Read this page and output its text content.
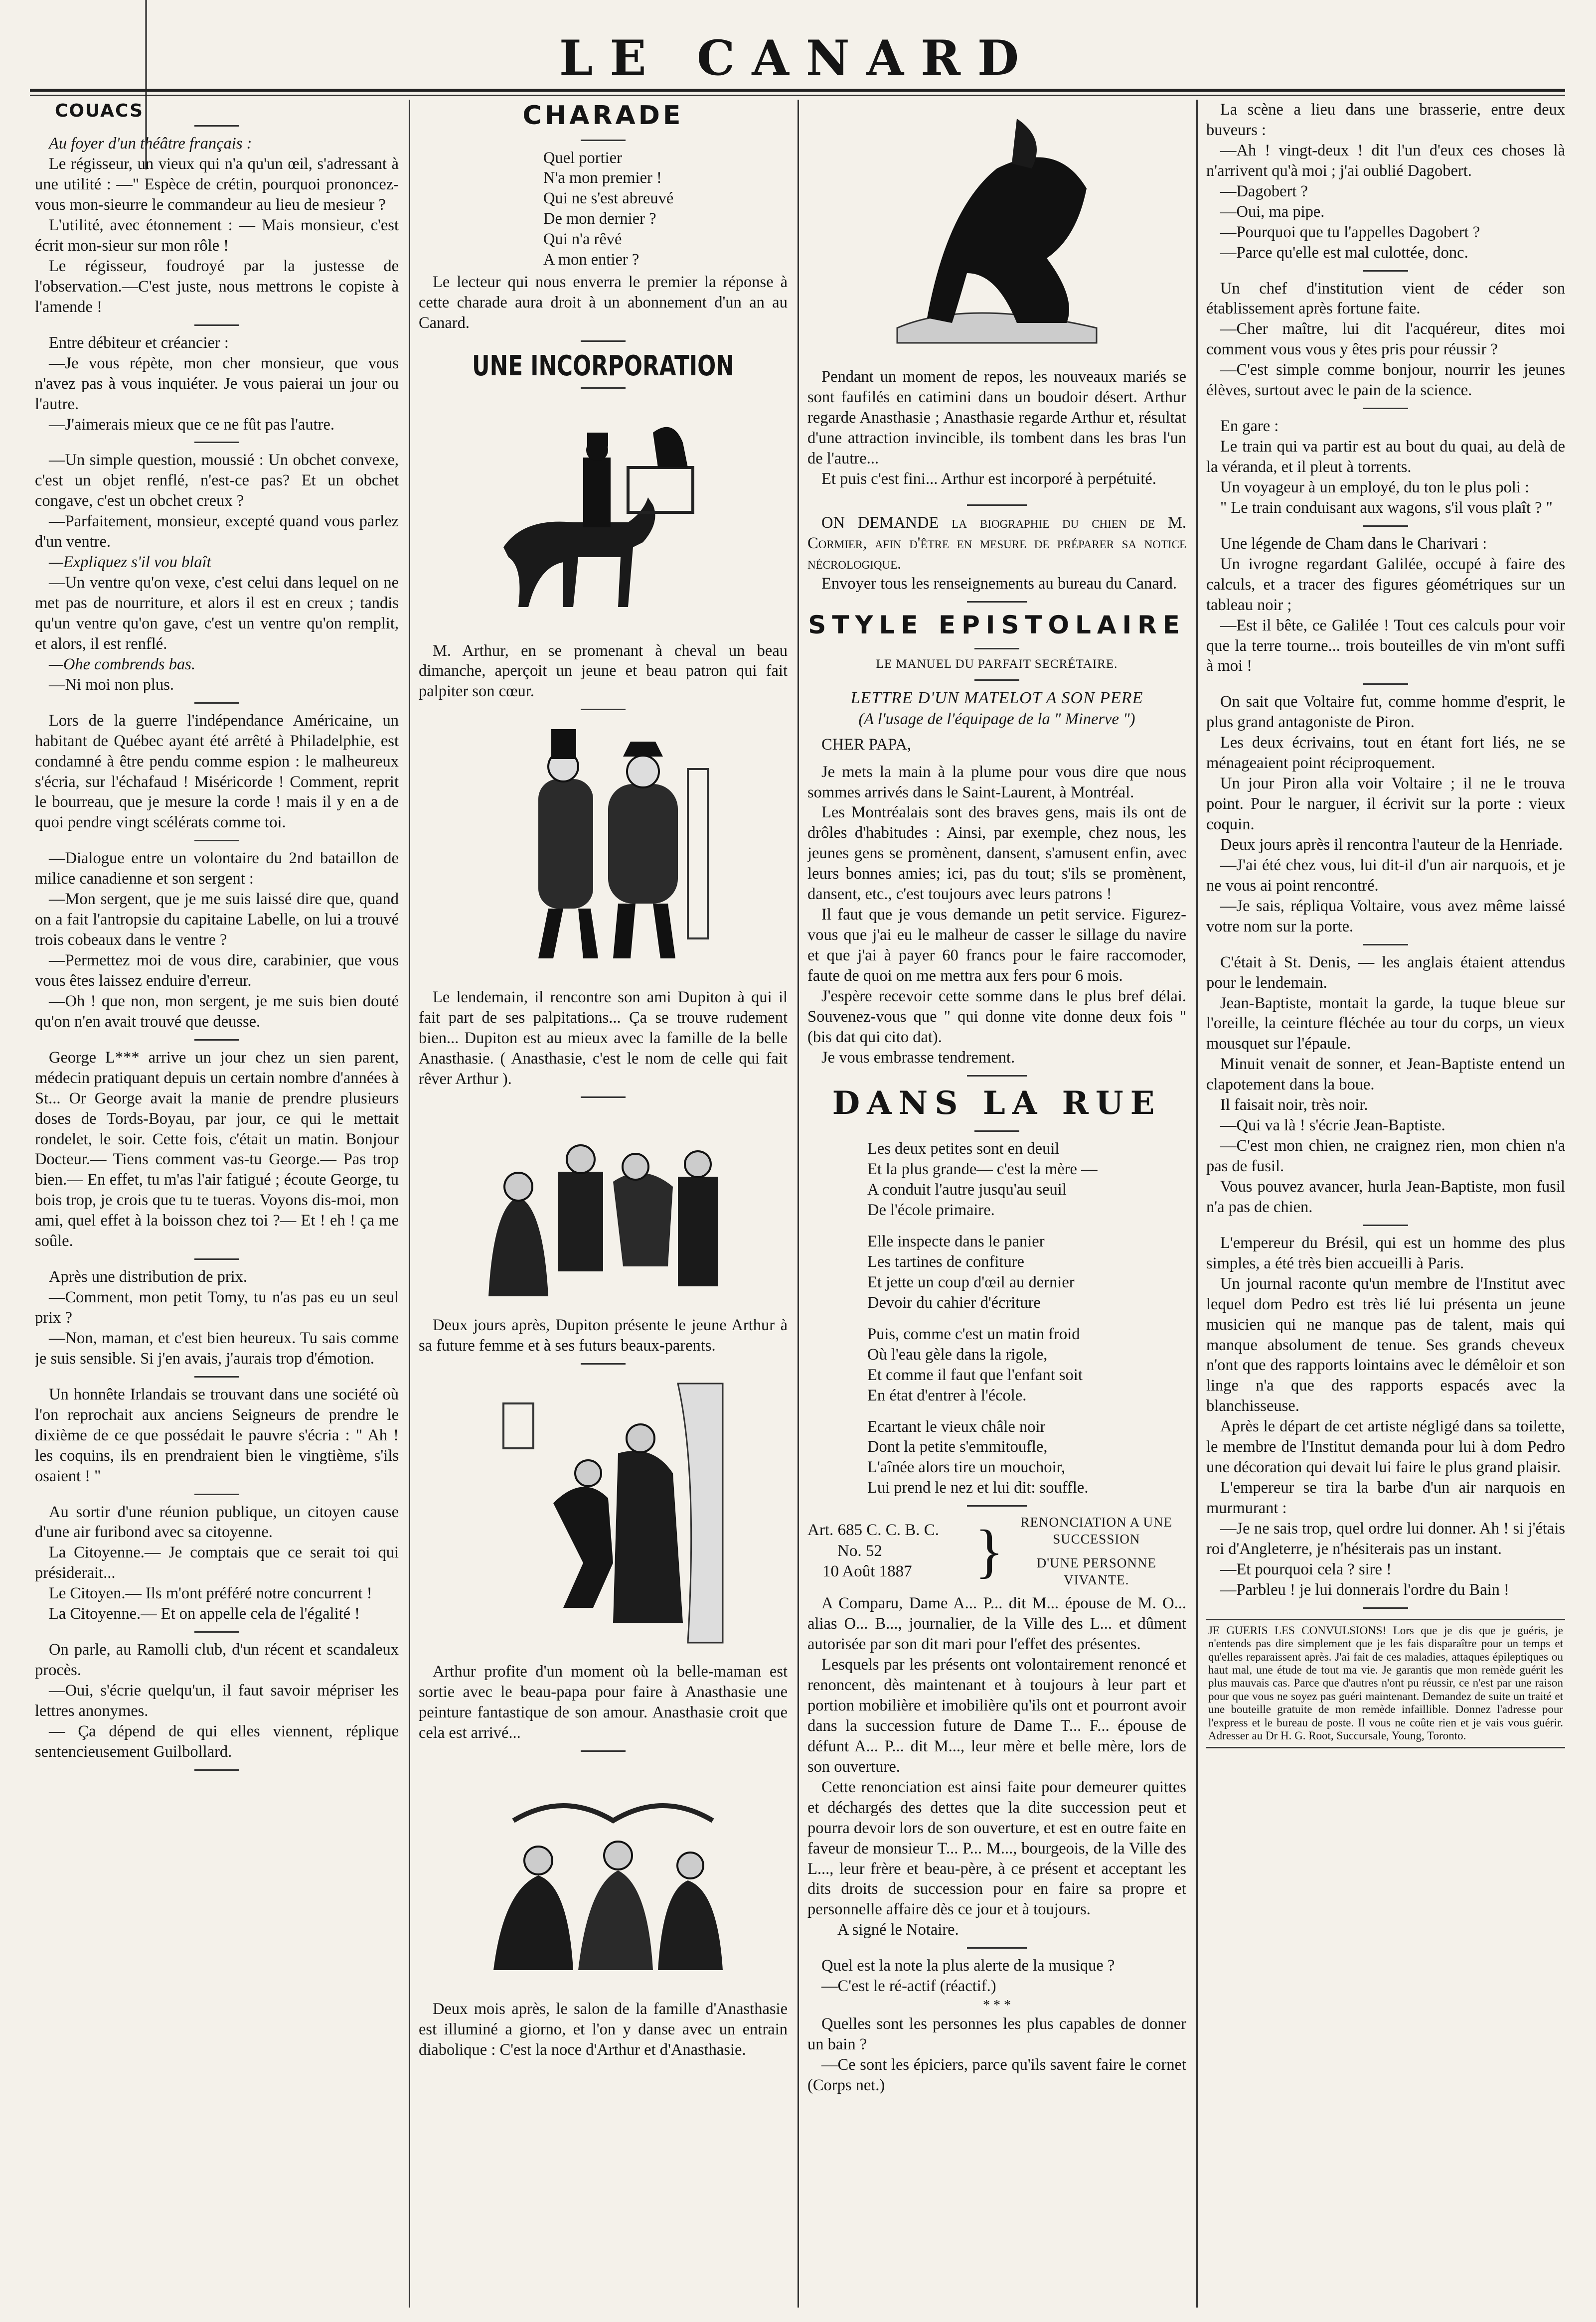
LE CANARD
COUACS

Au foyer d'un théâtre français :

Le régisseur, un vieux qui n'a qu'un œil, s'adressant à une utilité : —" Espèce de crétin, pourquoi prononcez-vous mon-sieurre le commandeur au lieu de mesieur ?

L'utilité, avec étonnement : — Mais monsieur, c'est écrit mon-sieur sur mon rôle !

Le régisseur, foudroyé par la justesse de l'observation.—C'est juste, nous mettrons le copiste à l'amende !

Entre débiteur et créancier :

—Je vous répète, mon cher monsieur, que vous n'avez pas à vous inquiéter. Je vous paierai un jour ou l'autre.

—J'aimerais mieux que ce ne fût pas l'autre.

—Un simple question, moussié : Un obchet convexe, c'est un objet renflé, n'est-ce pas? Et un obchet congave, c'est un obchet creux ?

—Parfaitement, monsieur, excepté quand vous parlez d'un ventre.

—Expliquez s'il vou blaît

—Un ventre qu'on vexe, c'est celui dans lequel on ne met pas de nourriture, et alors il est en creux ; tandis qu'un ventre qu'on gave, c'est un ventre qu'on remplit, et alors, il est renflé.

—Ohe combrends bas.

—Ni moi non plus.

Lors de la guerre l'indépendance Américaine, un habitant de Québec ayant été arrêté à Philadelphie, est condamné à être pendu comme espion : le malheureux s'écria, sur l'échafaud ! Miséricorde ! Comment, reprit le bourreau, que je mesure la corde ! mais il y en a de quoi pendre vingt scélérats comme toi.

—Dialogue entre un volontaire du 2nd bataillon de milice canadienne et son sergent :

—Mon sergent, que je me suis laissé dire que, quand on a fait l'antropsie du capitaine Labelle, on lui a trouvé trois cobeaux dans le ventre ?

—Permettez moi de vous dire, carabinier, que vous vous êtes laissez enduire d'erreur.

—Oh ! que non, mon sergent, je me suis bien douté qu'on n'en avait trouvé que deusse.

George L*** arrive un jour chez un sien parent, médecin pratiquant depuis un certain nombre d'années à St... Or George avait la manie de prendre plusieurs doses de Tords-Boyau, par jour, ce qui le mettait rondelet, le soir. Cette fois, c'était un matin. Bonjour Docteur.— Tiens comment vas-tu George.— Pas trop bien.— En effet, tu m'as l'air fatigué ; écoute George, tu bois trop, je crois que tu te tueras. Voyons dis-moi, mon ami, quel effet à la boisson chez toi ?— Et ! eh ! ça me soûle.

Après une distribution de prix.

—Comment, mon petit Tomy, tu n'as pas eu un seul prix ?

—Non, maman, et c'est bien heureux. Tu sais comme je suis sensible. Si j'en avais, j'aurais trop d'émotion.

Un honnête Irlandais se trouvant dans une société où l'on reprochait aux anciens Seigneurs de prendre le dixième de ce que possédait le pauvre s'écria : " Ah ! les coquins, ils en prendraient bien le vingtième, s'ils osaient ! "

Au sortir d'une réunion publique, un citoyen cause d'une air furibond avec sa citoyenne.

La Citoyenne.— Je comptais que ce serait toi qui présiderait...

Le Citoyen.— Ils m'ont préféré notre concurrent !

La Citoyenne.— Et on appelle cela de l'égalité !

On parle, au Ramolli club, d'un récent et scandaleux procès.

—Oui, s'écrie quelqu'un, il faut savoir mépriser les lettres anonymes.

— Ça dépend de qui elles viennent, réplique sentencieusement Guilbollard.

CHARADE
Quel portier
N'a mon premier !
Qui ne s'est abreuvé
De mon dernier ?
Qui n'a rêvé
A mon entier ?

Le lecteur qui nous enverra le premier la réponse à cette charade aura droit à un abonnement d'un an au Canard.

UNE INCORPORATION

M. Arthur, en se promenant à cheval un beau dimanche, aperçoit un jeune et beau patron qui fait palpiter son cœur.

Le lendemain, il rencontre son ami Dupiton à qui il fait part de ses palpitations... Ça se trouve rudement bien... Dupiton est au mieux avec la famille de la belle Anasthasie. ( Anasthasie, c'est le nom de celle qui fait rêver Arthur ).

Deux jours après, Dupiton présente le jeune Arthur à sa future femme et à ses futurs beaux-parents.

Arthur profite d'un moment où la belle-maman est sortie avec le beau-papa pour faire à Anasthasie une peinture fantastique de son amour. Anasthasie croit que cela est arrivé...

Deux mois après, le salon de la famille d'Anasthasie est illuminé a giorno, et l'on y danse avec un entrain diabolique : C'est la noce d'Arthur et d'Anasthasie.

Pendant un moment de repos, les nouveaux mariés se sont faufilés en catimini dans un boudoir désert. Arthur regarde Anasthasie ; Anasthasie regarde Arthur et, résultat d'une attraction invincible, ils tombent dans les bras l'un de l'autre...

Et puis c'est fini... Arthur est incorporé à perpétuité.

ON DEMANDE la biographie du chien de M. Cormier, afin d'être en mesure de préparer sa notice nécrologique.

Envoyer tous les renseignements au bureau du Canard.

STYLE EPISTOLAIRE
LE MANUEL DU PARFAIT SECRÉTAIRE.
LETTRE D'UN MATELOT A SON PERE
(A l'usage de l'équipage de la " Minerve ")

CHER PAPA,

Je mets la main à la plume pour vous dire que nous sommes arrivés dans le Saint-Laurent, à Montréal.

Les Montréalais sont des braves gens, mais ils ont de drôles d'habitudes : Ainsi, par exemple, chez nous, les jeunes gens se promènent, dansent, s'amusent enfin, avec leurs bonnes amies; ici, pas du tout; s'ils se promènent, dansent, etc., c'est toujours avec leurs patrons !

Il faut que je vous demande un petit service. Figurez-vous que j'ai eu le malheur de casser le sillage du navire et que j'ai à payer 60 francs pour le faire raccomoder, faute de quoi on me mettra aux fers pour 6 mois.

J'espère recevoir cette somme dans le plus bref délai. Souvenez-vous que " qui donne vite donne deux fois " (bis dat qui cito dat).

Je vous embrasse tendrement.

DANS LA RUE
Les deux petites sont en deuil
Et la plus grande— c'est la mère —
A conduit l'autre jusqu'au seuil
De l'école primaire.
Elle inspecte dans le panier
Les tartines de confiture
Et jette un coup d'œil au dernier
Devoir du cahier d'écriture
Puis, comme c'est un matin froid
Où l'eau gèle dans la rigole,
Et comme il faut que l'enfant soit
En état d'entrer à l'école.
Ecartant le vieux châle noir
Dont la petite s'emmitoufle,
L'aînée alors tire un mouchoir,
Lui prend le nez et lui dit: souffle.
Art. 685 C. C. B. C.
No. 52
10 Août 1887	}	RENONCIATION A UNE SUCCESSION
D'UNE PERSONNE VIVANTE.

A Comparu, Dame A... P... dit M... épouse de M. O... alias O... B..., journalier, de la Ville des L... et dûment autorisée par son dit mari pour l'effet des présentes.

Lesquels par les présents ont volontairement renoncé et renoncent, dès maintenant et à toujours à leur part et portion mobilière et imobilière qu'ils ont et pourront avoir dans la succession future de Dame T... F... épouse de défunt A... P... dit M..., leur mère et belle mère, lors de son ouverture.

Cette renonciation est ainsi faite pour demeurer quittes et déchargés des dettes que la dite succession peut et pourra devoir lors de son ouverture, et est en outre faite en faveur de monsieur T... P... M..., bourgeois, de la Ville des L..., leur frère et beau-père, à ce présent et acceptant les dits droits de succession pour en faire sa propre et personnelle affaire dès ce jour et à toujours.

A signé le Notaire.

Quel est la note la plus alerte de la musique ?

—C'est le ré-actif (réactif.)

* * *

Quelles sont les personnes les plus capables de donner un bain ?

—Ce sont les épiciers, parce qu'ils savent faire le cornet (Corps net.)

La scène a lieu dans une brasserie, entre deux buveurs :

—Ah ! vingt-deux ! dit l'un d'eux ces choses là n'arrivent qu'à moi ; j'ai oublié Dagobert.

—Dagobert ?

—Oui, ma pipe.

—Pourquoi que tu l'appelles Dagobert ?

—Parce qu'elle est mal culottée, donc.

Un chef d'institution vient de céder son établissement après fortune faite.

—Cher maître, lui dit l'acquéreur, dites moi comment vous vous y êtes pris pour réussir ?

—C'est simple comme bonjour, nourrir les jeunes élèves, surtout avec le pain de la science.

En gare :

Le train qui va partir est au bout du quai, au delà de la véranda, et il pleut à torrents.

Un voyageur à un employé, du ton le plus poli :

" Le train conduisant aux wagons, s'il vous plaît ? "

Une légende de Cham dans le Charivari :

Un ivrogne regardant Galilée, occupé à faire des calculs, et a tracer des figures géométriques sur un tableau noir ;

—Est il bête, ce Galilée ! Tout ces calculs pour voir que la terre tourne... trois bouteilles de vin m'ont suffi à moi !

On sait que Voltaire fut, comme homme d'esprit, le plus grand antagoniste de Piron.

Les deux écrivains, tout en étant fort liés, ne se ménageaient point réciproquement.

Un jour Piron alla voir Voltaire ; il ne le trouva point. Pour le narguer, il écrivit sur la porte : vieux coquin.

Deux jours après il rencontra l'auteur de la Henriade.

—J'ai été chez vous, lui dit-il d'un air narquois, et je ne vous ai point rencontré.

—Je sais, répliqua Voltaire, vous avez même laissé votre nom sur la porte.

C'était à St. Denis, — les anglais étaient attendus pour le lendemain.

Jean-Baptiste, montait la garde, la tuque bleue sur l'oreille, la ceinture fléchée au tour du corps, un vieux mousquet sur l'épaule.

Minuit venait de sonner, et Jean-Baptiste entend un clapotement dans la boue.

Il faisait noir, très noir.

—Qui va là ! s'écrie Jean-Baptiste.

—C'est mon chien, ne craignez rien, mon chien n'a pas de fusil.

Vous pouvez avancer, hurla Jean-Baptiste, mon fusil n'a pas de chien.

L'empereur du Brésil, qui est un homme des plus simples, a été très bien accueilli à Paris.

Un journal raconte qu'un membre de l'Institut avec lequel dom Pedro est très lié lui présenta un jeune musicien qui ne manque pas de talent, mais qui manque absolument de tenue. Ses grands cheveux n'ont que des rapports lointains avec le démêloir et son linge n'a que des rapports espacés avec la blanchisseuse.

Après le départ de cet artiste négligé dans sa toilette, le membre de l'Institut demanda pour lui à dom Pedro une décoration qui devait lui faire le plus grand plaisir.

L'empereur se tira la barbe d'un air narquois en murmurant :

—Je ne sais trop, quel ordre lui donner. Ah ! si j'étais roi d'Angleterre, je n'hésiterais pas un instant.

—Et pourquoi cela ? sire !

—Parbleu ! je lui donnerais l'ordre du Bain !

JE GUERIS LES CONVULSIONS! Lors que je dis que je guéris, je n'entends pas dire simplement que je les fais disparaître pour un temps et qu'elles reparaissent après. J'ai fait de ces maladies, attaques épileptiques ou haut mal, une étude de tout ma vie. Je garantis que mon remède guérit les plus mauvais cas. Parce que d'autres n'ont pu réussir, ce n'est par une raison pour que vous ne soyez pas guéri maintenant. Demandez de suite un traité et une bouteille gratuite de mon remède infaillible. Donnez l'adresse pour l'express et le bureau de poste. Il vous ne coûte rien et je vais vous guérir. Adresser au Dr H. G. Root, Succursale, Young, Toronto.
